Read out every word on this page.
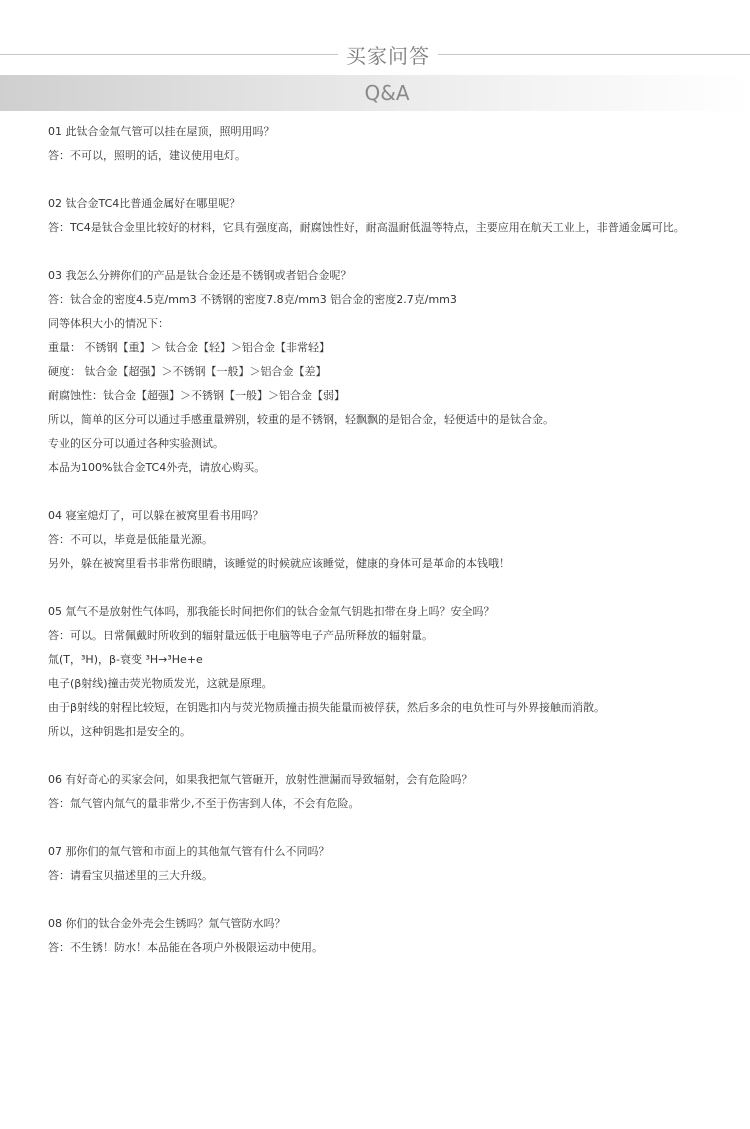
买家问答
Q&A
01 此钛合金氚气管可以挂在屋顶，照明用吗？
答：不可以，照明的话，建议使用电灯。
02 钛合金TC4比普通金属好在哪里呢？
答：TC4是钛合金里比较好的材料，它具有强度高，耐腐蚀性好，耐高温耐低温等特点，主要应用在航天工业上，非普通金属可比。
03 我怎么分辨你们的产品是钛合金还是不锈钢或者铝合金呢？
答：钛合金的密度4.5克/mm3 不锈钢的密度7.8克/mm3 铝合金的密度2.7克/mm3
同等体积大小的情况下：
重量： 不锈钢【重】＞ 钛合金【轻】＞铝合金【非常轻】
硬度： 钛合金【超强】＞不锈钢【一般】＞铝合金【差】
耐腐蚀性：钛合金【超强】＞不锈钢【一般】＞铝合金【弱】
所以，简单的区分可以通过手感重量辨别，较重的是不锈钢，轻飘飘的是铝合金，轻便适中的是钛合金。
专业的区分可以通过各种实验测试。
本品为100%钛合金TC4外壳，请放心购买。
04 寝室熄灯了，可以躲在被窝里看书用吗？
答：不可以，毕竟是低能量光源。
另外，躲在被窝里看书非常伤眼睛，该睡觉的时候就应该睡觉，健康的身体可是革命的本钱哦！
05 氚气不是放射性气体吗，那我能长时间把你们的钛合金氚气钥匙扣带在身上吗？安全吗？
答：可以。日常佩戴时所收到的辐射量远低于电脑等电子产品所释放的辐射量。
氚(T，³H)，β-衰变 ³H→³He+e
电子(β射线)撞击荧光物质发光，这就是原理。
由于β射线的射程比较短，在钥匙扣内与荧光物质撞击损失能量而被俘获，然后多余的电负性可与外界接触而消散。
所以，这种钥匙扣是安全的。
06 有好奇心的买家会问，如果我把氚气管砸开，放射性泄漏而导致辐射，会有危险吗？
答：氚气管内氚气的量非常少,不至于伤害到人体，不会有危险。
07 那你们的氚气管和市面上的其他氚气管有什么不同吗？
答：请看宝贝描述里的三大升级。
08 你们的钛合金外壳会生锈吗？氚气管防水吗？
答：不生锈！防水！本品能在各项户外极限运动中使用。
